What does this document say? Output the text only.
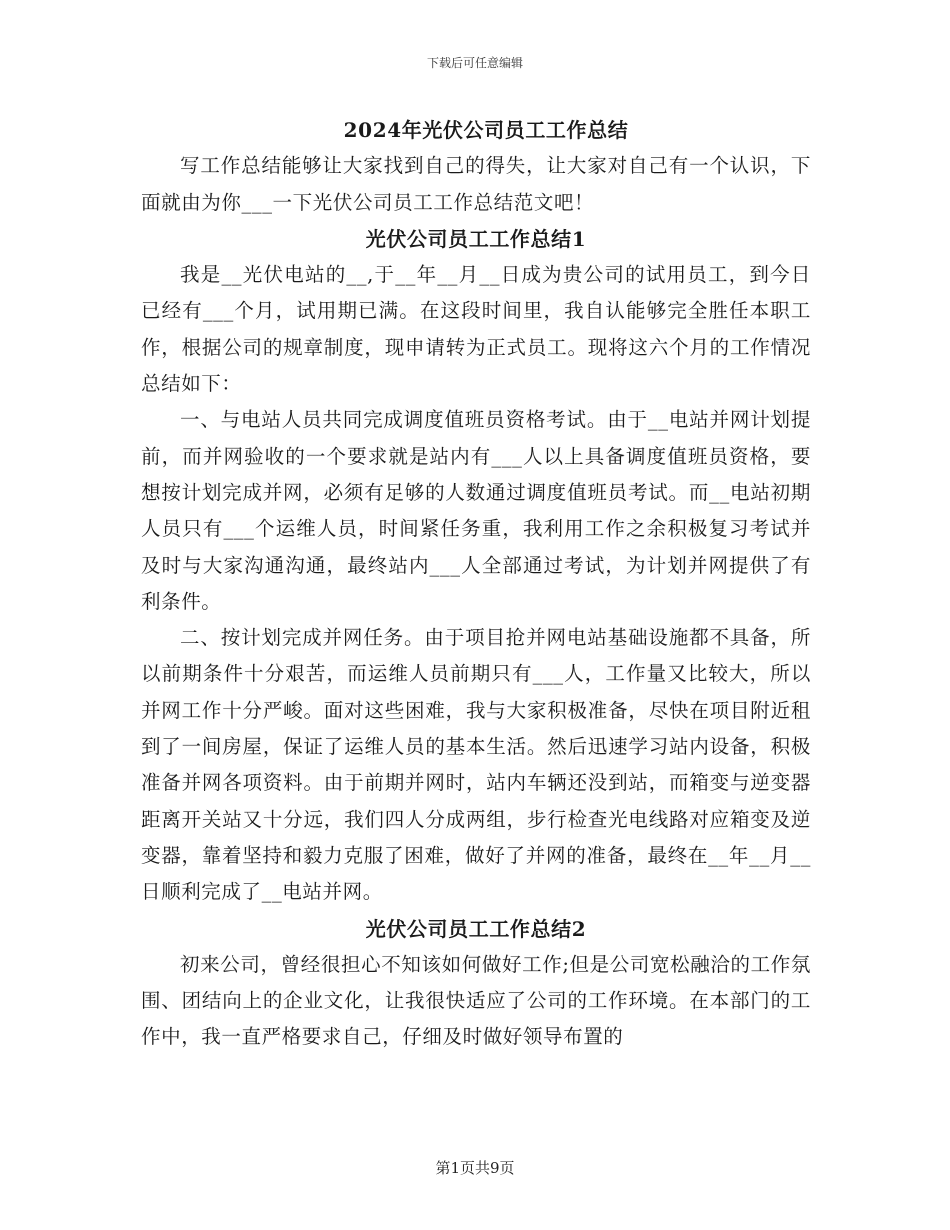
下载后可任意编辑
2024年光伏公司员工工作总结

写工作总结能够让大家找到自己的得失，让大家对自己有一个认识，下面就由为你___一下光伏公司员工工作总结范文吧！

光伏公司员工工作总结1

我是__光伏电站的__,于__年__月__日成为贵公司的试用员工，到今日已经有___个月，试用期已满。在这段时间里，我自认能够完全胜任本职工作，根据公司的规章制度，现申请转为正式员工。现将这六个月的工作情况总结如下：

一、与电站人员共同完成调度值班员资格考试。由于__电站并网计划提前，而并网验收的一个要求就是站内有___人以上具备调度值班员资格，要想按计划完成并网，必须有足够的人数通过调度值班员考试。而__电站初期人员只有___个运维人员，时间紧任务重，我利用工作之余积极复习考试并及时与大家沟通沟通，最终站内___人全部通过考试，为计划并网提供了有利条件。

二、按计划完成并网任务。由于项目抢并网电站基础设施都不具备，所以前期条件十分艰苦，而运维人员前期只有___人，工作量又比较大，所以并网工作十分严峻。面对这些困难，我与大家积极准备，尽快在项目附近租到了一间房屋，保证了运维人员的基本生活。然后迅速学习站内设备，积极准备并网各项资料。由于前期并网时，站内车辆还没到站，而箱变与逆变器距离开关站又十分远，我们四人分成两组，步行检查光电线路对应箱变及逆变器，靠着坚持和毅力克服了困难，做好了并网的准备，最终在__年__月__日顺利完成了__电站并网。

光伏公司员工工作总结2

初来公司，曾经很担心不知该如何做好工作;但是公司宽松融洽的工作氛围、团结向上的企业文化，让我很快适应了公司的工作环境。在本部门的工作中，我一直严格要求自己，仔细及时做好领导布置的

第1页共9页
